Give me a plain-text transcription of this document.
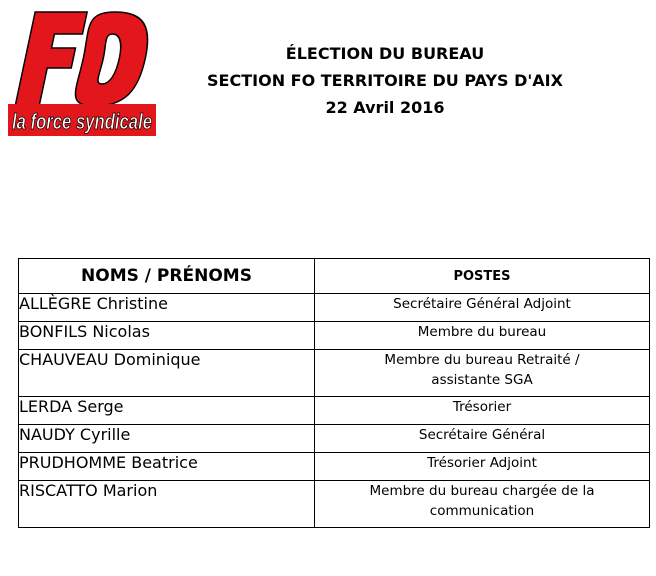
la force syndicale
ÉLECTION DU BUREAU
SECTION FO TERRITOIRE DU PAYS D'AIX
22 Avril 2016
NOMS / PRÉNOMS	POSTES
ALLÈGRE Christine	Secrétaire Général Adjoint
BONFILS Nicolas	Membre du bureau
CHAUVEAU Dominique	Membre du bureau Retraité /
assistante SGA

LERDA Serge	Trésorier
NAUDY Cyrille	Secrétaire Général
PRUDHOMME Beatrice	Trésorier Adjoint
RISCATTO Marion	Membre du bureau chargée de la
communication
